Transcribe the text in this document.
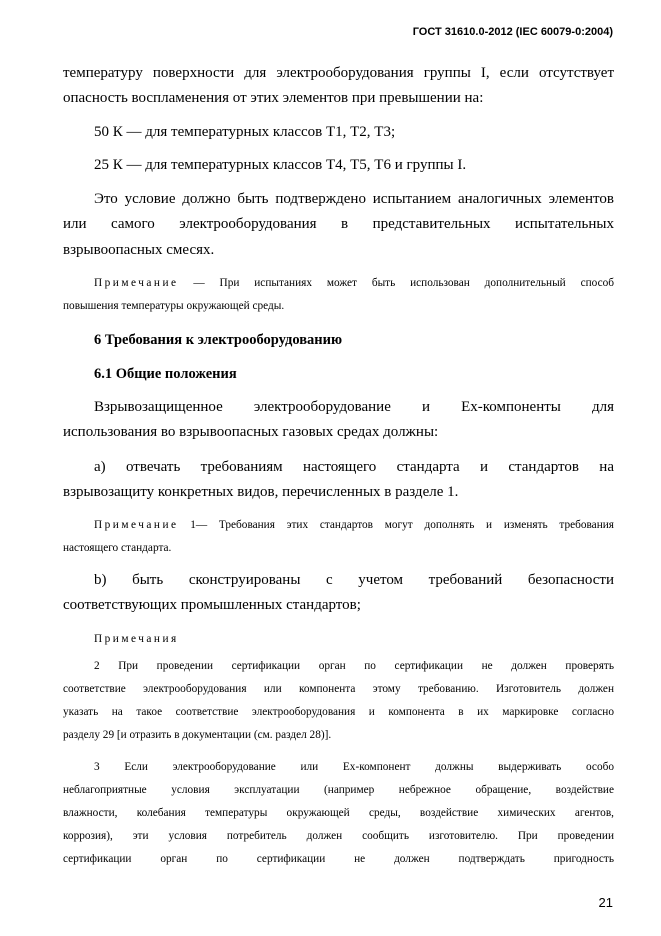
ГОСТ 31610.0-2012 (IEC 60079-0:2004)
температуру поверхности для электрооборудования группы I, если отсутствует
опасность воспламенения от этих элементов при превышении на:
50 К — для температурных классов Т1, Т2, Т3;
25 К — для температурных классов Т4, Т5, Т6 и группы I.
Это условие должно быть подтверждено испытанием аналогичных элементов
или самого электрооборудования в представительных испытательных
взрывоопасных смесях.
Примечание — При испытаниях может быть использован дополнительный способ
повышения температуры окружающей среды.
6 Требования к электрооборудованию
6.1 Общие положения
Взрывозащищенное электрооборудование и Ex-компоненты для
использования во взрывоопасных газовых средах должны:
а) отвечать требованиям настоящего стандарта и стандартов на
взрывозащиту конкретных видов, перечисленных в разделе 1.
Примечание 1— Требования этих стандартов могут дополнять и изменять требования
настоящего стандарта.
b) быть сконструированы с учетом требований безопасности
соответствующих промышленных стандартов;
Примечания
2 При проведении сертификации орган по сертификации не должен проверять
соответствие электрооборудования или компонента этому требованию. Изготовитель должен
указать на такое соответствие электрооборудования и компонента в их маркировке согласно
разделу 29 [и отразить в документации (см. раздел 28)].
3 Если электрооборудование или Ex-компонент должны выдерживать особо
неблагоприятные условия эксплуатации (например небрежное обращение, воздействие
влажности, колебания температуры окружающей среды, воздействие химических агентов,
коррозия), эти условия потребитель должен сообщить изготовителю. При проведении
сертификации орган по сертификации не должен подтверждать пригодность
21
